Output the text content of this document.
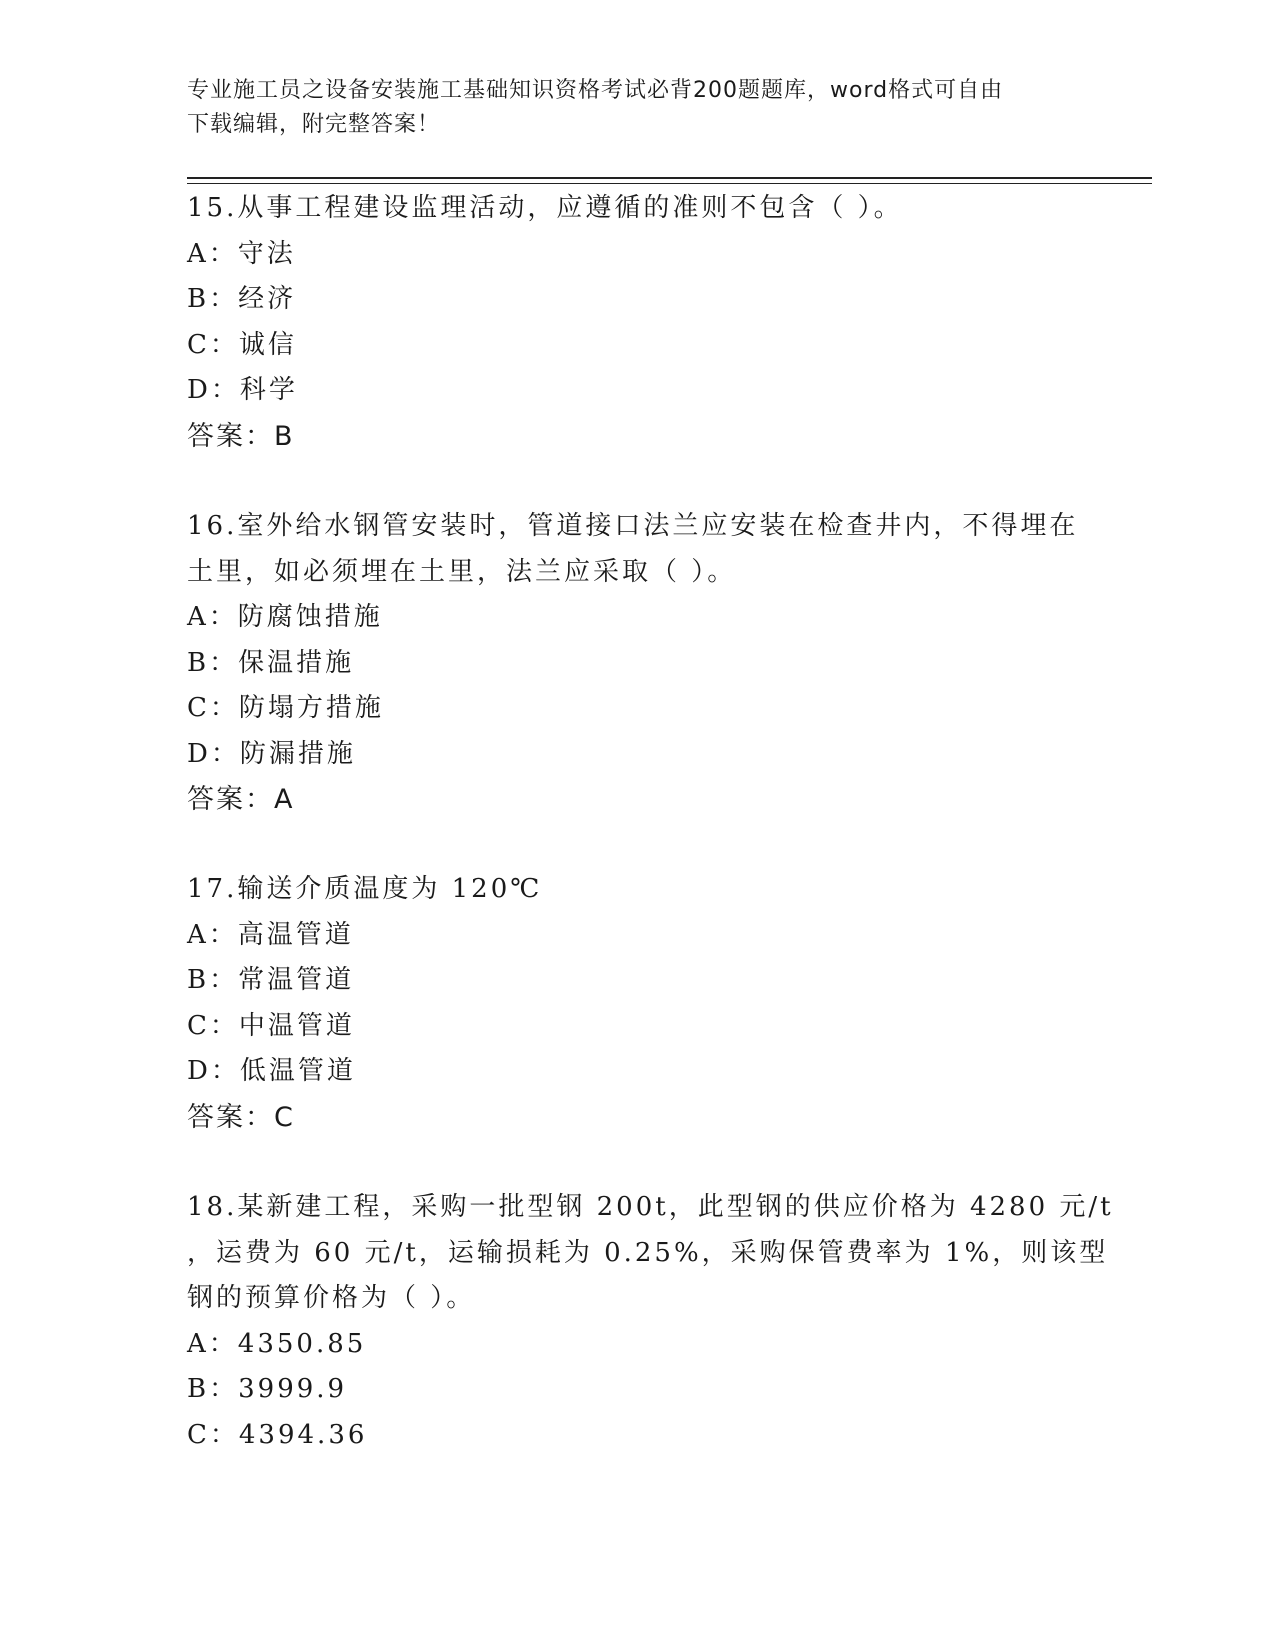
专业施工员之设备安装施工基础知识资格考试必背200题题库，word格式可自由
下载编辑，附完整答案！
15.从事工程建设监理活动，应遵循的准则不包含（ ）。
A：守法
B：经济
C：诚信
D：科学
答案：B
16.室外给水钢管安装时，管道接口法兰应安装在检查井内，不得埋在
土里，如必须埋在土里，法兰应采取（ ）。
A：防腐蚀措施
B：保温措施
C：防塌方措施
D：防漏措施
答案：A
17.输送介质温度为 120℃
A：高温管道
B：常温管道
C：中温管道
D：低温管道
答案：C
18.某新建工程，采购一批型钢 200t，此型钢的供应价格为 4280 元/t
，运费为 60 元/t，运输损耗为 0.25%，采购保管费率为 1%，则该型
钢的预算价格为（ ）。
A：4350.85
B：3999.9
C：4394.36
